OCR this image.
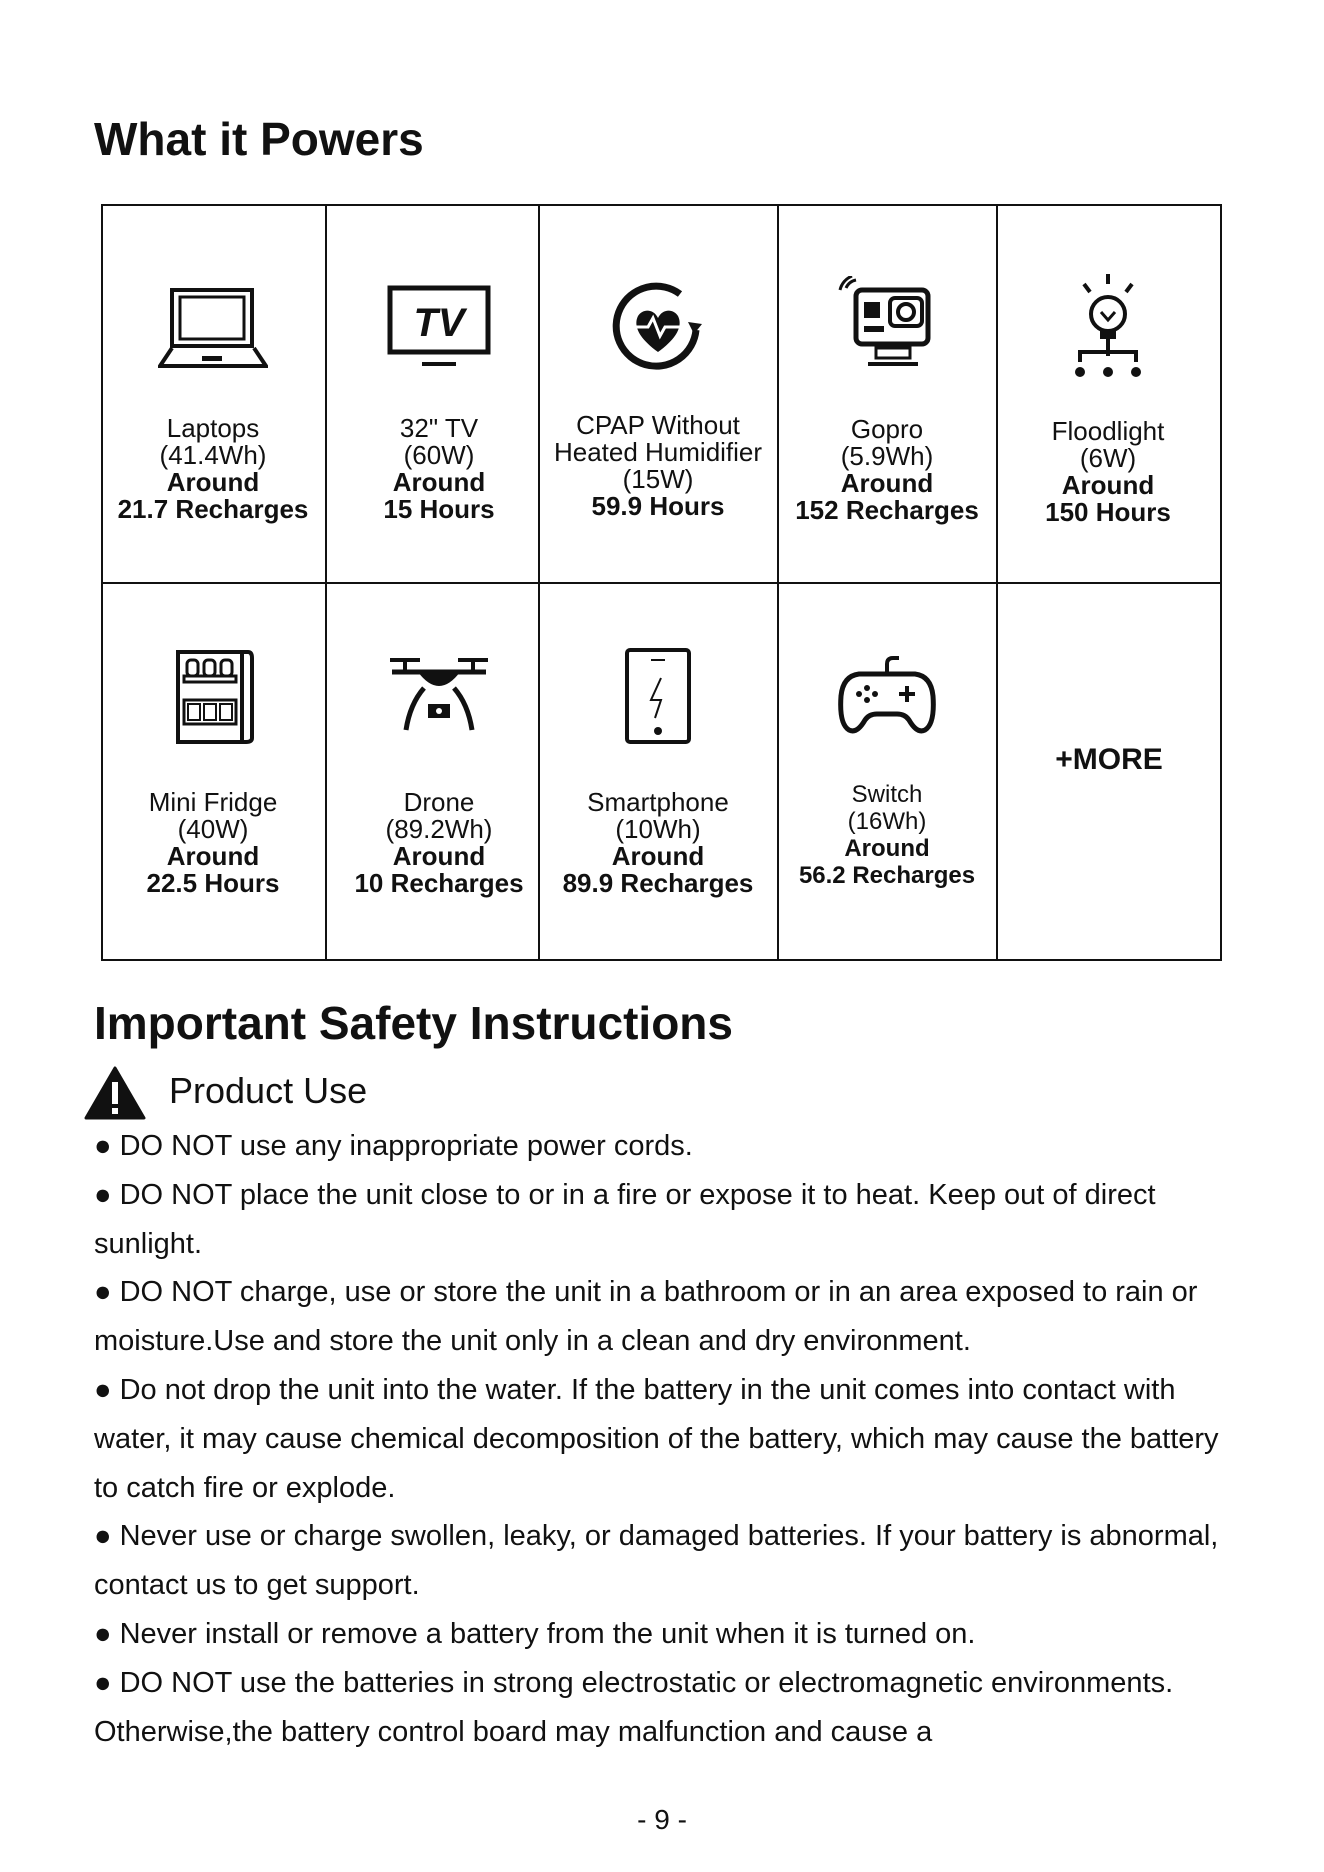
What it Powers
Laptops
(41.4Wh)
Around
21.7 Recharges
TV
32" TV
(60W)
Around
15 Hours
CPAP Without
Heated Humidifier
(15W)
59.9 Hours
Gopro
(5.9Wh)
Around
152 Recharges
Floodlight
(6W)
Around
150 Hours
Mini Fridge
(40W)
Around
22.5 Hours
Drone
(89.2Wh)
Around
10 Recharges
Smartphone
(10Wh)
Around
89.9 Recharges
Switch
(16Wh)
Around
56.2 Recharges
+MORE
Important Safety Instructions
Product Use

● DO NOT use any inappropriate power cords.

● DO NOT place the unit close to or in a fire or expose it to heat. Keep out of direct sunlight.

● DO NOT charge, use or store the unit in a bathroom or in an area exposed to rain or moisture.Use and store the unit only in a clean and dry environment.

● Do not drop the unit into the water. If the battery in the unit comes into contact with water, it may cause chemical decomposition of the battery, which may cause the battery to catch fire or explode.

● Never use or charge swollen, leaky, or damaged batteries. If your battery is abnormal, contact us to get support.

● Never install or remove a battery from the unit when it is turned on.

● DO NOT use the batteries in strong electrostatic or electromagnetic environments. Otherwise,the battery control board may malfunction and cause a

- 9 -
